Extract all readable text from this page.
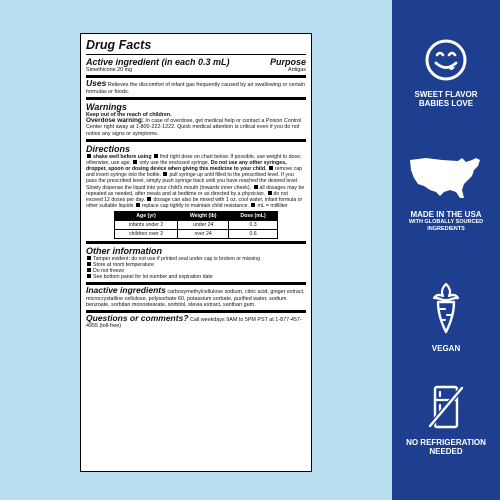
Drug Facts
Active ingredient (in each 0.3 mL)	Purpose
Simethicone 20 mg	Antigas
Uses Relieves the discomfort of infant gas frequently caused by air swallowing or certain formulas or foods.
Warnings
Keep out of the reach of children.
Overdose warning: In case of overdose, get medical help or contact a Poison Control Center right away at 1-800-222-1222. Quick medical attention is critical even if you do not notice any signs or symptoms.
Directions
shake well before using find right dose on chart below. If possible, use weight to dose; otherwise, use age. only use the enclosed syringe. Do not use any other syringes, dropper, spoon or dosing device when giving this medicine to your child. remove cap and insert syringe into the bottle. pull syringe up until filled to the prescribed level. If you pass the prescribed level, simply push syringe back until you have reached the desired level. Slowly dispense the liquid into your child's mouth (towards inner cheek). all dosages may be repeated as needed, after meals and at bedtime or as directed by a physician. do not exceed 12 doses per day. dosage can also be mixed with 1 oz. cool water, infant formula or other suitable liquids replace cap tightly to maintain child resistance. mL = milliliter
Age (yr)	Weight (lb)	Dose (mL)
infants under 2	under 24	0.3
children over 2	over 24	0.6
Other information
Tamper evident: do not use if printed seal under cap is broken or missing
Store at room temperature
Do not freeze
See bottom panel for lot number and expiration date
Inactive ingredients carboxymethylcellulose sodium, citric acid, ginger extract, microcrystalline cellulose, polysorbate 60, potassium sorbate, purified water, sodium benzoate, sorbitan monostearate, sorbitol, stevia extract, xanthan gum.
Questions or comments? Call weekdays 9AM to 5PM PST at 1-877-457-4955 (toll-free)
SWEET FLAVOR BABIES LOVE
MADE IN THE USA
WITH GLOBALLY SOURCED INGREDIENTS
VEGAN
NO REFRIGERATION NEEDED
